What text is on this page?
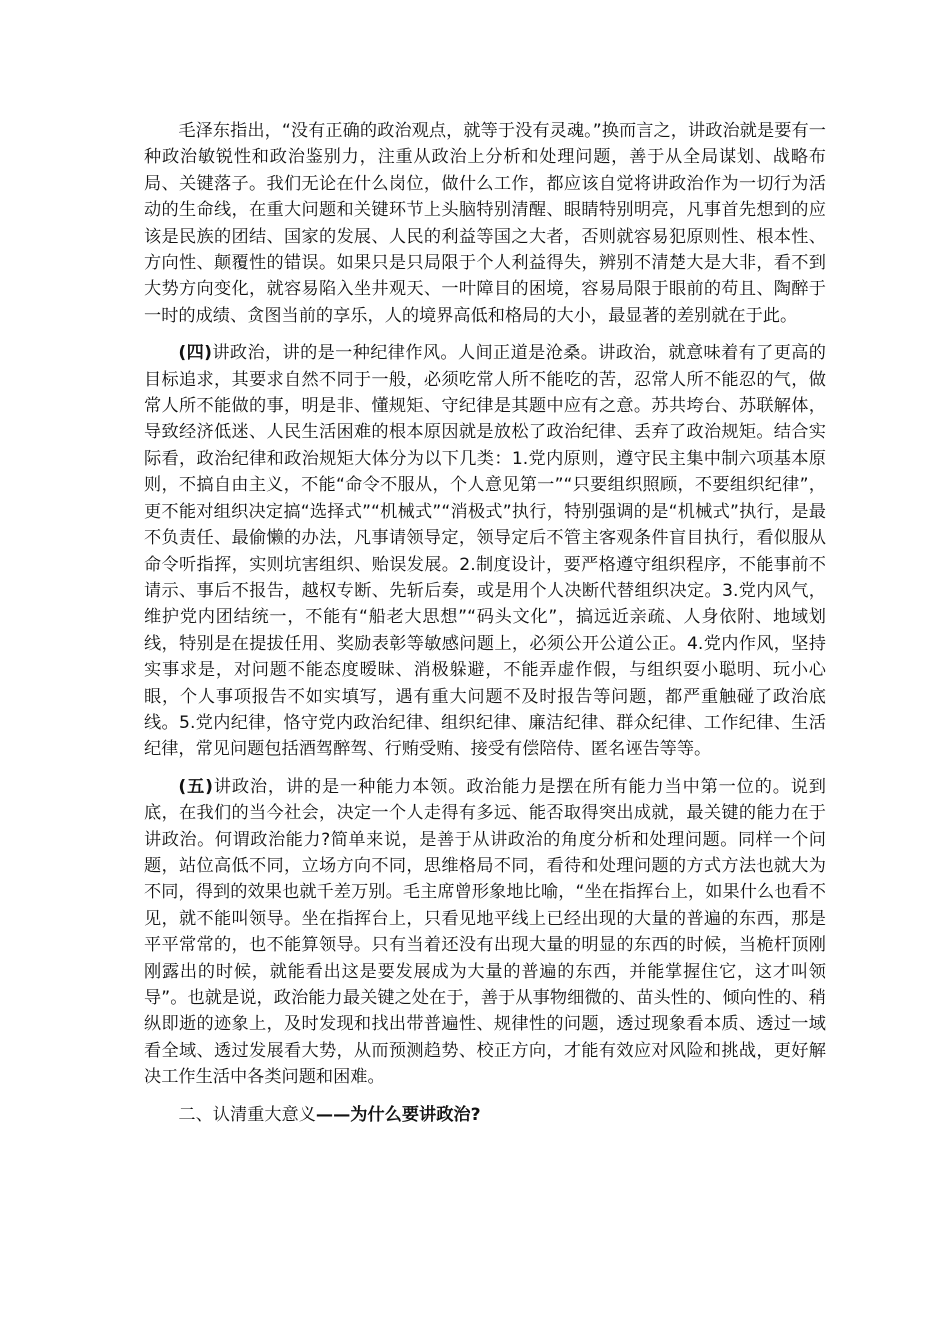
毛泽东指出，“没有正确的政治观点，就等于没有灵魂。”换而言之，讲政治就是要有一种政治敏锐性和政治鉴别力，注重从政治上分析和处理问题，善于从全局谋划、战略布局、关键落子。我们无论在什么岗位，做什么工作，都应该自觉将讲政治作为一切行为活动的生命线，在重大问题和关键环节上头脑特别清醒、眼睛特别明亮，凡事首先想到的应该是民族的团结、国家的发展、人民的利益等国之大者，否则就容易犯原则性、根本性、方向性、颠覆性的错误。如果只是只局限于个人利益得失，辨别不清楚大是大非，看不到大势方向变化，就容易陷入坐井观天、一叶障目的困境，容易局限于眼前的苟且、陶醉于一时的成绩、贪图当前的享乐，人的境界高低和格局的大小，最显著的差别就在于此。

(四)讲政治，讲的是一种纪律作风。人间正道是沧桑。讲政治，就意味着有了更高的目标追求，其要求自然不同于一般，必须吃常人所不能吃的苦，忍常人所不能忍的气，做常人所不能做的事，明是非、懂规矩、守纪律是其题中应有之意。苏共垮台、苏联解体，导致经济低迷、人民生活困难的根本原因就是放松了政治纪律、丢弃了政治规矩。结合实际看，政治纪律和政治规矩大体分为以下几类：1.党内原则，遵守民主集中制六项基本原则，不搞自由主义，不能“命令不服从，个人意见第一”“只要组织照顾，不要组织纪律”，更不能对组织决定搞“选择式”“机械式”“消极式”执行，特别强调的是“机械式”执行，是最不负责任、最偷懒的办法，凡事请领导定，领导定后不管主客观条件盲目执行，看似服从命令听指挥，实则坑害组织、贻误发展。2.制度设计，要严格遵守组织程序，不能事前不请示、事后不报告，越权专断、先斩后奏，或是用个人决断代替组织决定。3.党内风气，维护党内团结统一，不能有“船老大思想”“码头文化”，搞远近亲疏、人身依附、地域划线，特别是在提拔任用、奖励表彰等敏感问题上，必须公开公道公正。4.党内作风，坚持实事求是，对问题不能态度暧昧、消极躲避，不能弄虚作假，与组织耍小聪明、玩小心眼，个人事项报告不如实填写，遇有重大问题不及时报告等问题，都严重触碰了政治底线。5.党内纪律，恪守党内政治纪律、组织纪律、廉洁纪律、群众纪律、工作纪律、生活纪律，常见问题包括酒驾醉驾、行贿受贿、接受有偿陪侍、匿名诬告等等。

(五)讲政治，讲的是一种能力本领。政治能力是摆在所有能力当中第一位的。说到底，在我们的当今社会，决定一个人走得有多远、能否取得突出成就，最关键的能力在于讲政治。何谓政治能力?简单来说，是善于从讲政治的角度分析和处理问题。同样一个问题，站位高低不同，立场方向不同，思维格局不同，看待和处理问题的方式方法也就大为不同，得到的效果也就千差万别。毛主席曾形象地比喻，“坐在指挥台上，如果什么也看不见，就不能叫领导。坐在指挥台上，只看见地平线上已经出现的大量的普遍的东西，那是平平常常的，也不能算领导。只有当着还没有出现大量的明显的东西的时候，当桅杆顶刚刚露出的时候，就能看出这是要发展成为大量的普遍的东西，并能掌握住它，这才叫领导”。也就是说，政治能力最关键之处在于，善于从事物细微的、苗头性的、倾向性的、稍纵即逝的迹象上，及时发现和找出带普遍性、规律性的问题，透过现象看本质、透过一域看全域、透过发展看大势，从而预测趋势、校正方向，才能有效应对风险和挑战，更好解决工作生活中各类问题和困难。

二、认清重大意义——为什么要讲政治?
